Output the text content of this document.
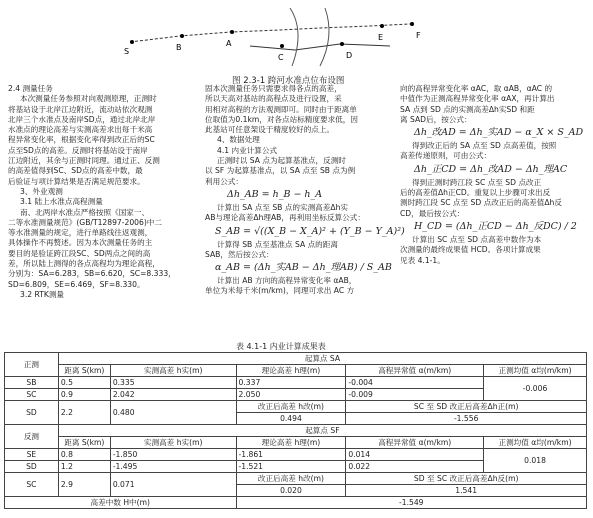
S	B	A
C	D
E	F
图 2.3-1 跨河水准点位布设图

2.4 测量任务

本次测量任务参照对向观测原理，正测时

将基站设于北岸江边附近，流动站依次观测

北岸三个水准点及南岸SD点，通过北岸北岸

水准点的理论高差与实测高差求出每千米高

程异常变化率，根据变化率得到改正后的SC

点至SD点的高差。反测时将基站设于南岸

江边附近，其余与正测时同理。通过正、反测

的高差值得到SC、SD点的高差中数，最

后验证与项计算结果是否满足规范要求。

3、外业观测

3.1 陆上水准点高程测量

南、北两岸水准点严格按照《国家一、

二等水准测量规范》(GB/T12897-2006)中二

等水准测量的规定，进行单路线往返观测，

具体操作不再赘述。因为本次测量任务的主

要目的是验证跨江段SC、SD两点之间的高

差，所以陆上测得的各点高程均为理论高程，

分别为：SA=6.283，SB=6.620，SC=8.333，

SD=6.809，SE=6.469，SF=8.330。

3.2 RTK测量

固本次测量任务只需要求得各点的高差，

所以天高对基站的高程点及进行设置，采

用相对高程的方法观测即可。同时由于距离单

位取值为0.1km，对各点站标精度要求低，因

此基站可任意架设于精度较好的点上。

4、数据处理

4.1 内业计算公式

正测时以 SA 点为起算基准点，反测时

以 SF 为起算基准点，以 SA 点至 SB 点为例

利用公式：

Δh_AB = h_B − h_A

计算出 SA 点至 SB 点的实测高差Δh实

AB与理论高差Δh理AB，再利用坐标反算公式：

S_AB = √((X_B − X_A)² + (Y_B − Y_A)²)

计算得 SB 点至基准点 SA 点的距离

SAB，然后按公式：

α_AB = (Δh_实AB − Δh_理AB) / S_AB

计算出 AB 方向的高程异常变化率 αAB，

单位为米每千米(m/km)，同理可求出 AC 方

向的高程异常变化率 αAC，取 αAB，αAC 的

中值作为正测高程异常变化率 αAX，再计算出

SA 点到 SD 点的实测高差Δh实SD 和距

离 SAD后，按公式：

Δh_改AD = Δh_实AD − α_X × S_AD

得到改正后的 SA 点至 SD 点高差值，按照

高差传递原则，可由公式：

Δh_正CD = Δh_改AD − Δh_理AC

得到正测时跨江段 SC 点至 SD 点改正

后的高差值Δh正CD。重复以上步骤可求出反

测时跨江段 SC 点至 SD 点改正后的高差值Δh反

CD，最后按公式：

H_CD = (Δh_正CD − Δh_反DC) / 2

计算出 SC 点至 SD 点高差中数作为本

次测量的最终成果值 HCD。各项计算成果

见表 4.1-1。

表 4.1-1 内业计算成果表
正测	起算点 SA				
	距离 S(km)	实测高差 h实(m)	理论高差 h理(m)	高程异常值 α(m/km)	正测均值 α均(m/km)
SB	0.5	0.335	0.337	-0.004	-0.006
SC	0.9	2.042	2.050	-0.009	
SD	2.2	0.480	改正后高差 h改(m)	SC 至 SD 改正后高差Δh正(m)	
			0.494	-1.556	
反测	起算点 SF				
	距离 S(km)	实测高差 h实(m)	理论高差 h理(m)	高程异常值 α(m/km)	正测均值 α均(m/km)
SE	0.8	-1.850	-1.861	0.014	0.018
SD	1.2	-1.495	-1.521	0.022	
SC	2.9	0.071	改正后高差 h改(m)	SD 至 SC 改正后高差Δh反(m)	
			0.020	1.541	
高差中数 H中(m)			-1.549		
